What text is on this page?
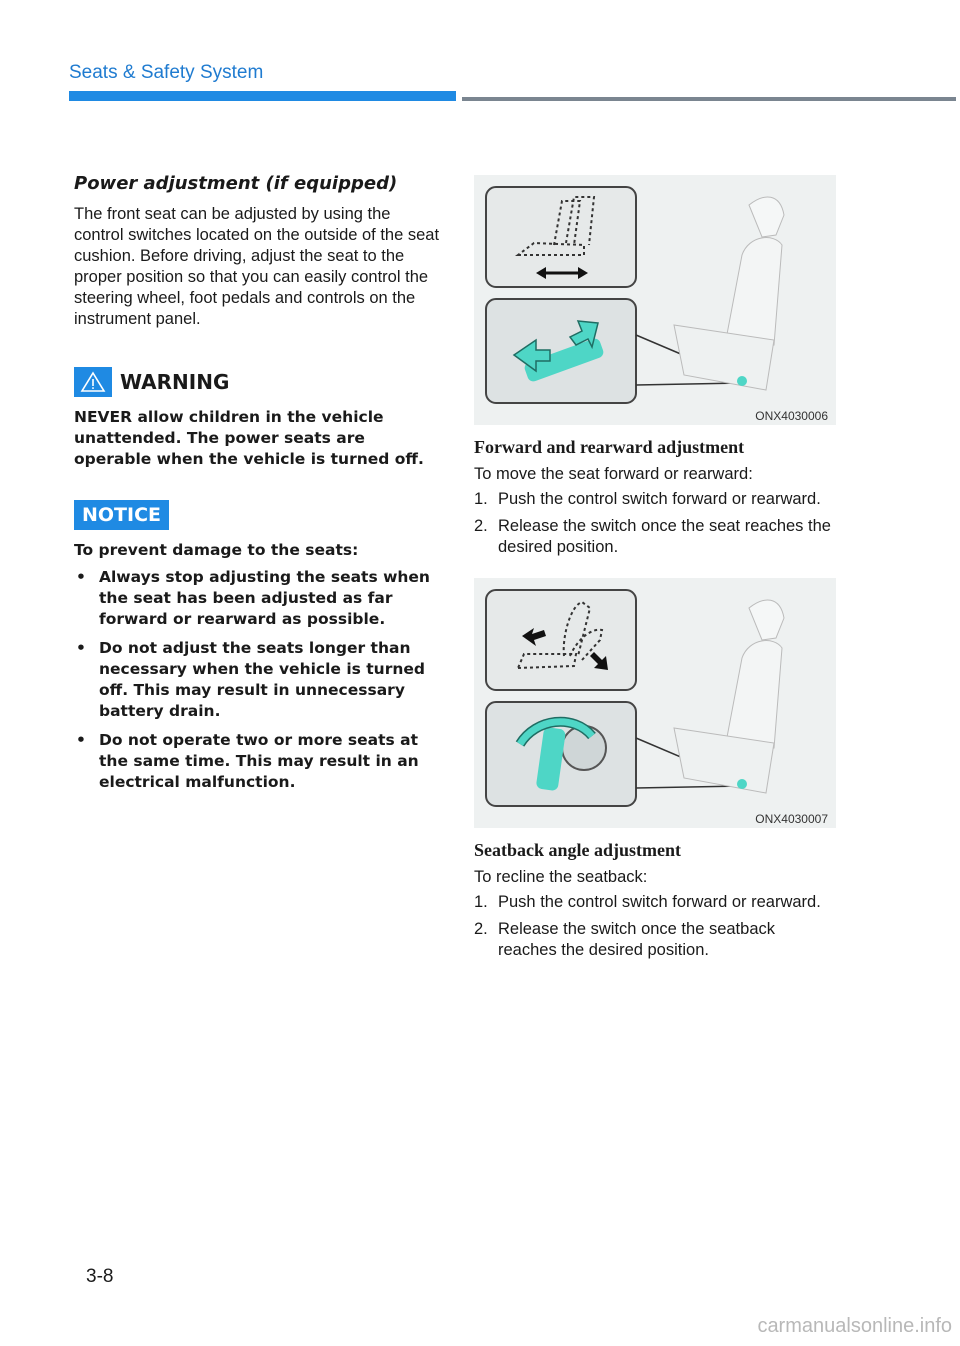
Seats & Safety System
Power adjustment (if equipped)

The front seat can be adjusted by using the control switches located on the outside of the seat cushion. Before driving, adjust the seat to the proper position so that you can easily control the steering wheel, foot pedals and controls on the instrument panel.

WARNING

NEVER allow children in the vehicle unattended. The power seats are operable when the vehicle is turned off.

NOTICE

To prevent damage to the seats:

• Always stop adjusting the seats when the seat has been adjusted as far forward or rearward as possible.
• Do not adjust the seats longer than necessary when the vehicle is turned off. This may result in unnecessary battery drain.
• Do not operate two or more seats at the same time. This may result in an electrical malfunction.
ONX4030006
Forward and rearward adjustment

To move the seat forward or rearward:

1. Push the control switch forward or rearward.
2. Release the switch once the seat reaches the desired position.
ONX4030007
Seatback angle adjustment

To recline the seatback:

1. Push the control switch forward or rearward.
2. Release the switch once the seatback reaches the desired position.
3-8
carmanualsonline.info
